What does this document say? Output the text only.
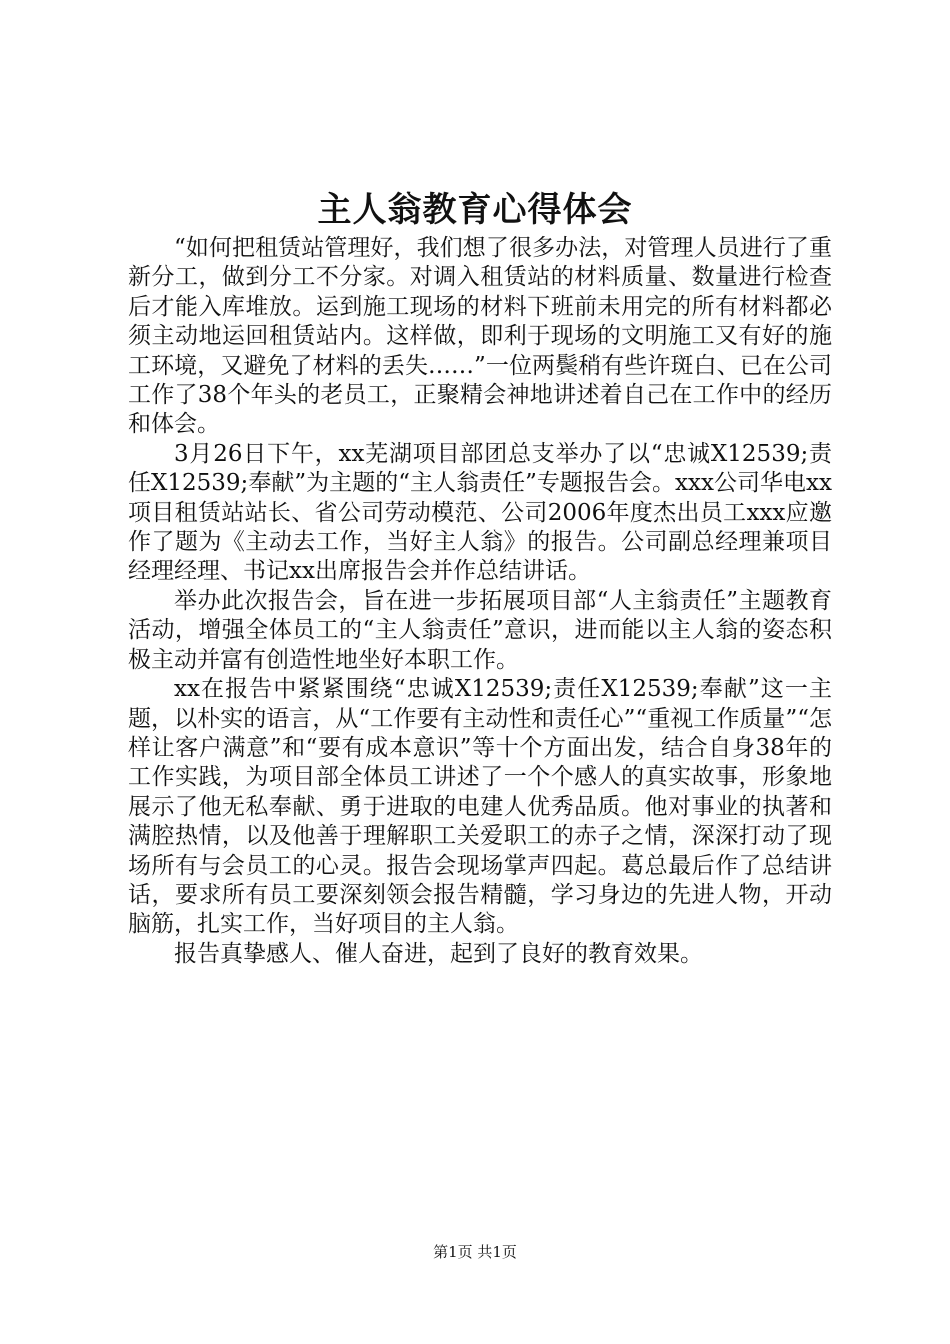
主人翁教育心得体会

“如何把租赁站管理好，我们想了很多办法，对管理人员进行了重新分工，做到分工不分家。对调入租赁站的材料质量、数量进行检查后才能入库堆放。运到施工现场的材料下班前未用完的所有材料都必须主动地运回租赁站内。这样做，即利于现场的文明施工又有好的施工环境，又避免了材料的丢失……”一位两鬓稍有些许斑白、已在公司工作了38个年头的老员工，正聚精会神地讲述着自己在工作中的经历和体会。

3月26日下午，xx芜湖项目部团总支举办了以“忠诚X12539;责任X12539;奉献”为主题的“主人翁责任”专题报告会。xxx公司华电xx项目租赁站站长、省公司劳动模范、公司2006年度杰出员工xxx应邀作了题为《主动去工作，当好主人翁》的报告。公司副总经理兼项目经理经理、书记xx出席报告会并作总结讲话。

举办此次报告会，旨在进一步拓展项目部“人主翁责任”主题教育活动，增强全体员工的“主人翁责任”意识，进而能以主人翁的姿态积极主动并富有创造性地坐好本职工作。

xx在报告中紧紧围绕“忠诚X12539;责任X12539;奉献”这一主题，以朴实的语言，从“工作要有主动性和责任心”“重视工作质量”“怎样让客户满意”和“要有成本意识”等十个方面出发，结合自身38年的工作实践，为项目部全体员工讲述了一个个感人的真实故事，形象地展示了他无私奉献、勇于进取的电建人优秀品质。他对事业的执著和满腔热情，以及他善于理解职工关爱职工的赤子之情，深深打动了现场所有与会员工的心灵。报告会现场掌声四起。葛总最后作了总结讲话，要求所有员工要深刻领会报告精髓，学习身边的先进人物，开动脑筋，扎实工作，当好项目的主人翁。

报告真挚感人、催人奋进，起到了良好的教育效果。

第1页 共1页
